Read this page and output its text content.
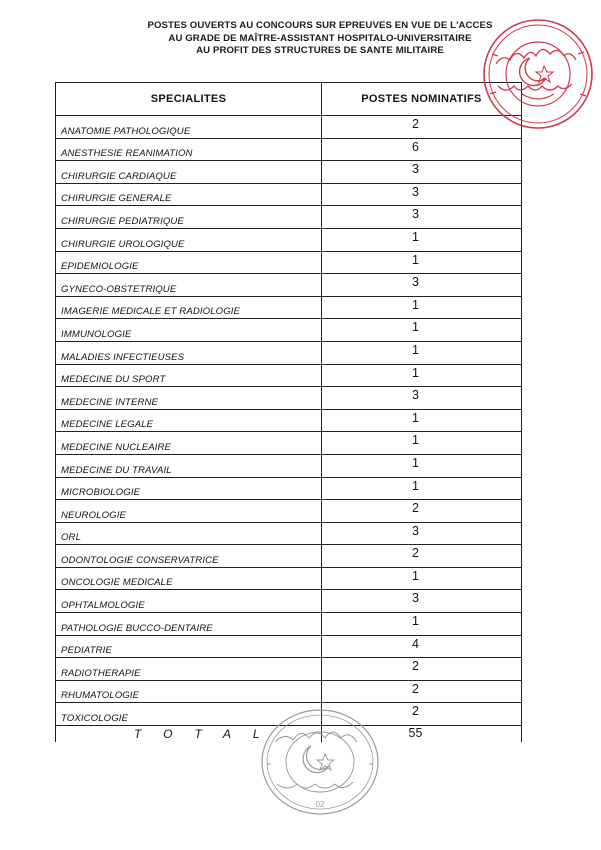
POSTES OUVERTS AU CONCOURS SUR EPREUVES EN VUE DE L'ACCES
AU GRADE DE MAÎTRE-ASSISTANT HOSPITALO-UNIVERSITAIRE
AU PROFIT DES STRUCTURES DE SANTE MILITAIRE
SPECIALITES	POSTES NOMINATIFS
ANATOMIE PATHOLOGIQUE	2
ANESTHESIE REANIMATION	6
CHIRURGIE CARDIAQUE	3
CHIRURGIE GENERALE	3
CHIRURGIE PEDIATRIQUE	3
CHIRURGIE UROLOGIQUE	1
EPIDEMIOLOGIE	1
GYNECO-OBSTETRIQUE	3
IMAGERIE MEDICALE ET RADIOLOGIE	1
IMMUNOLOGIE	1
MALADIES INFECTIEUSES	1
MEDECINE DU SPORT	1
MEDECINE INTERNE	3
MEDECINE LEGALE	1
MEDECINE NUCLEAIRE	1
MEDECINE DU TRAVAIL	1
MICROBIOLOGIE	1
NEUROLOGIE	2
ORL	3
ODONTOLOGIE CONSERVATRICE	2
ONCOLOGIE MEDICALE	1
OPHTALMOLOGIE	3
PATHOLOGIE BUCCO-DENTAIRE	1
PEDIATRIE	4
RADIOTHERAPIE	2
RHUMATOLOGIE	2
TOXICOLOGIE	2
TOTAL	55
02
